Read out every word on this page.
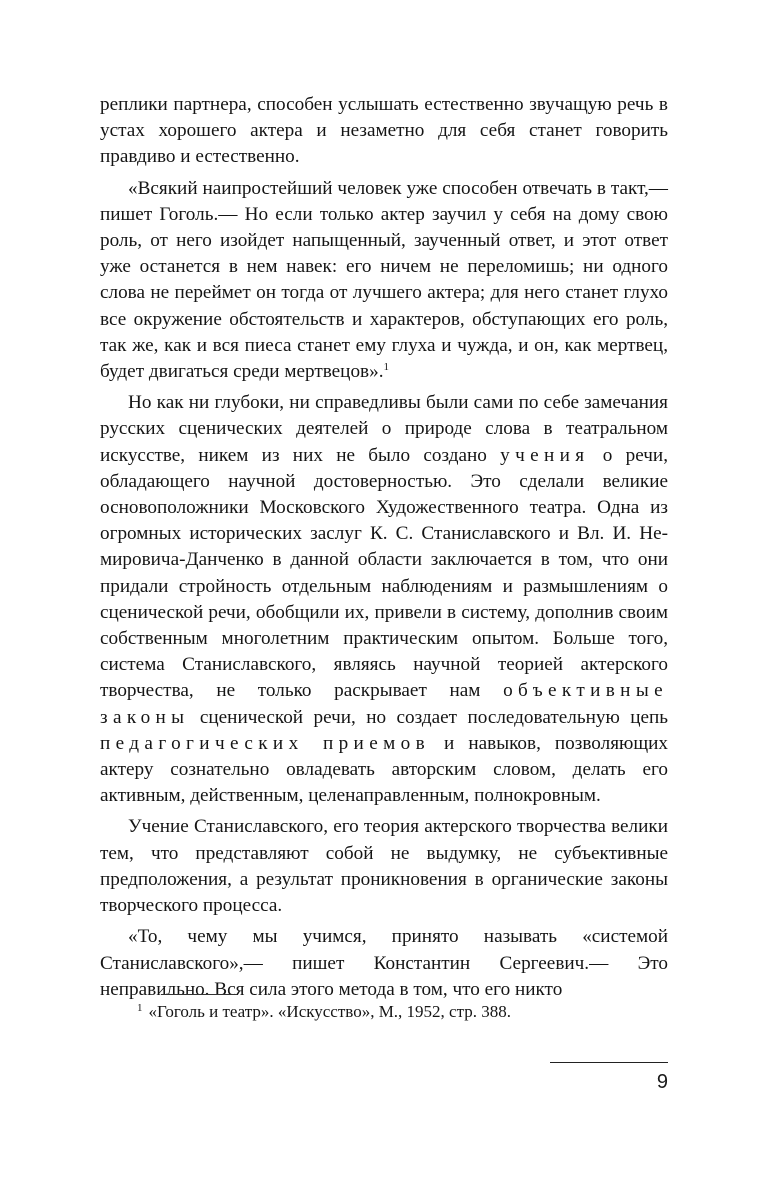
реплики партнера, способен услышать естественно звучащую речь в устах хорошего актера и незаметно для себя станет говорить правдиво и естественно.

«Всякий наипростейший человек уже способен отвечать в такт,— пишет Гоголь.— Но если только актер заучил у себя на дому свою роль, от него изойдет напыщенный, заученный ответ, и этот ответ уже останется в нем навек: его ничем не переломишь; ни одного слова не переймет он тогда от лучшего актера; для него станет глухо все окружение обстоятельств и характеров, обступающих его роль, так же, как и вся пиеса станет ему глуха и чужда, и он, как мертвец, будет двигаться среди мертвецов».$^1$

Но как ни глубоки, ни справедливы были сами по себе замечания русских сценических деятелей о природе слова в театральном искусстве, никем из них не было создано учения о речи, обладающего научной достоверностью. Это сделали великие основоположники Московского Художественного театра. Одна из огромных исторических заслуг К. С. Станиславского и Вл. И. Немировича-Данченко в данной области заключается в том, что они придали стройность отдельным наблюдениям и размышлениям о сценической речи, обобщили их, привели в систему, дополнив своим собственным многолетним практическим опытом. Больше того, система Станиславского, являясь научной теорией актерского творчества, не только раскрывает нам объективные законы сценической речи, но создает последовательную цепь педагогических приемов и навыков, позволяющих актеру сознательно овладевать авторским словом, делать его активным, действенным, целенаправленным, полнокровным.

Учение Станиславского, его теория актерского творчества велики тем, что представляют собой не выдумку, не субъективные предположения, а результат проникновения в органические законы творческого процесса.

«То, чему мы учимся, принято называть «системой Станиславского»,— пишет Константин Сергеевич.— Это неправильно. Вся сила этого метода в том, что его никто

$^1$ «Гоголь и театр». «Искусство», М., 1952, стр. 388.

9
